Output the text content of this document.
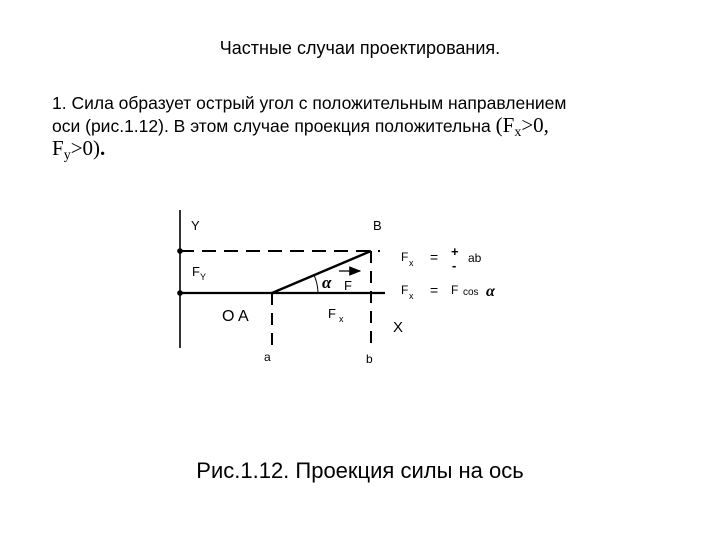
Частные случаи проектирования.
1. Сила образует острый угол с положительным направлением
оси (рис.1.12). В этом случае проекция положительна ($F_x>0$,
$F_y>0$).
Y	B
$F_Y$	α F
O A	F $_x$	X
a	b
F x = +
- ab
F x = F cos α
Рис.1.12. Проекция силы на ось
